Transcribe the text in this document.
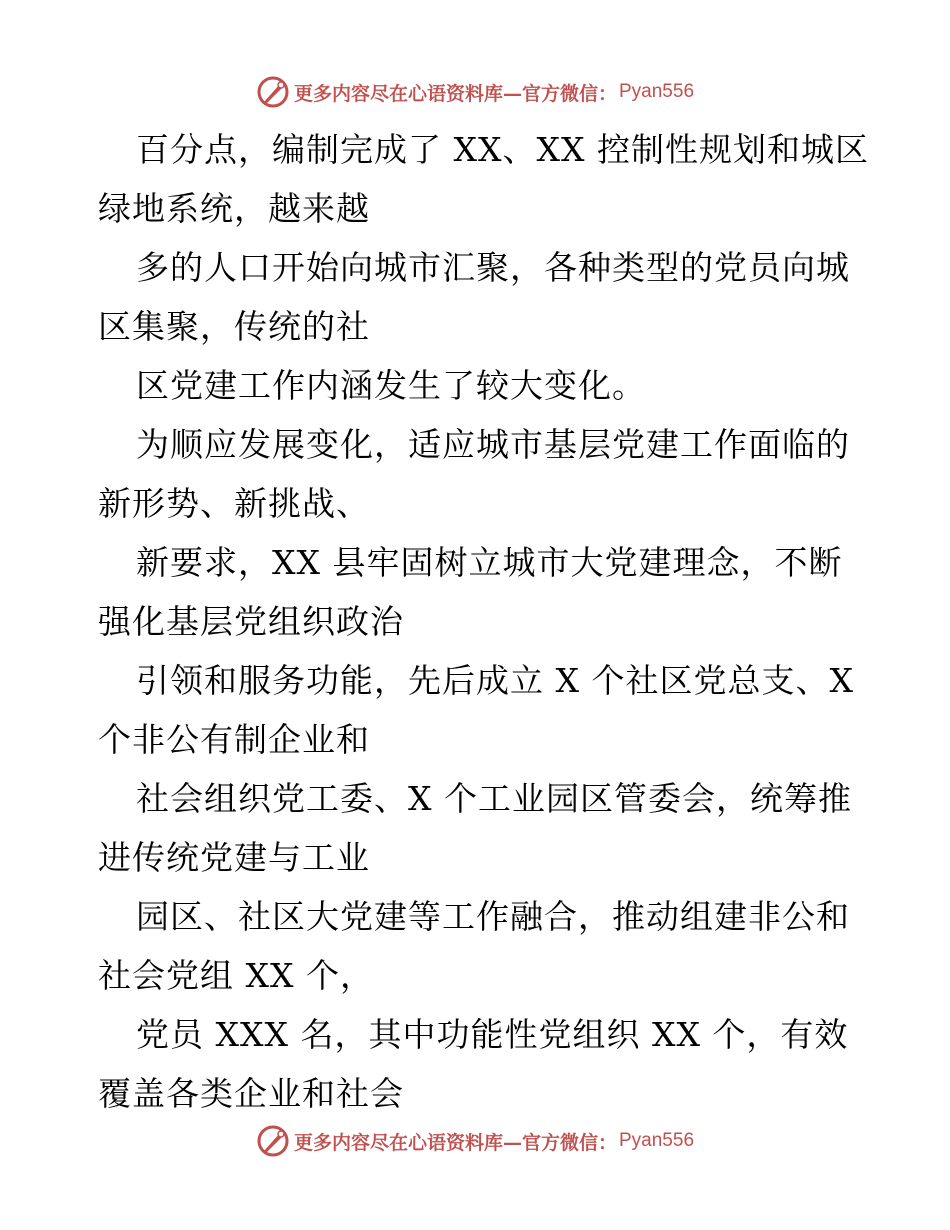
更多内容尽在心语资料库—官方微信： Pyan556
百分点，编制完成了 XX、XX 控制性规划和城区
绿地系统，越来越
多的人口开始向城市汇聚，各种类型的党员向城
区集聚，传统的社
区党建工作内涵发生了较大变化。
为顺应发展变化，适应城市基层党建工作面临的
新形势、新挑战、
新要求，XX 县牢固树立城市大党建理念，不断
强化基层党组织政治
引领和服务功能，先后成立 X 个社区党总支、X
个非公有制企业和
社会组织党工委、X 个工业园区管委会，统筹推
进传统党建与工业
园区、社区大党建等工作融合，推动组建非公和
社会党组 XX 个，
党员 XXX 名，其中功能性党组织 XX 个，有效
覆盖各类企业和社会
更多内容尽在心语资料库—官方微信： Pyan556
